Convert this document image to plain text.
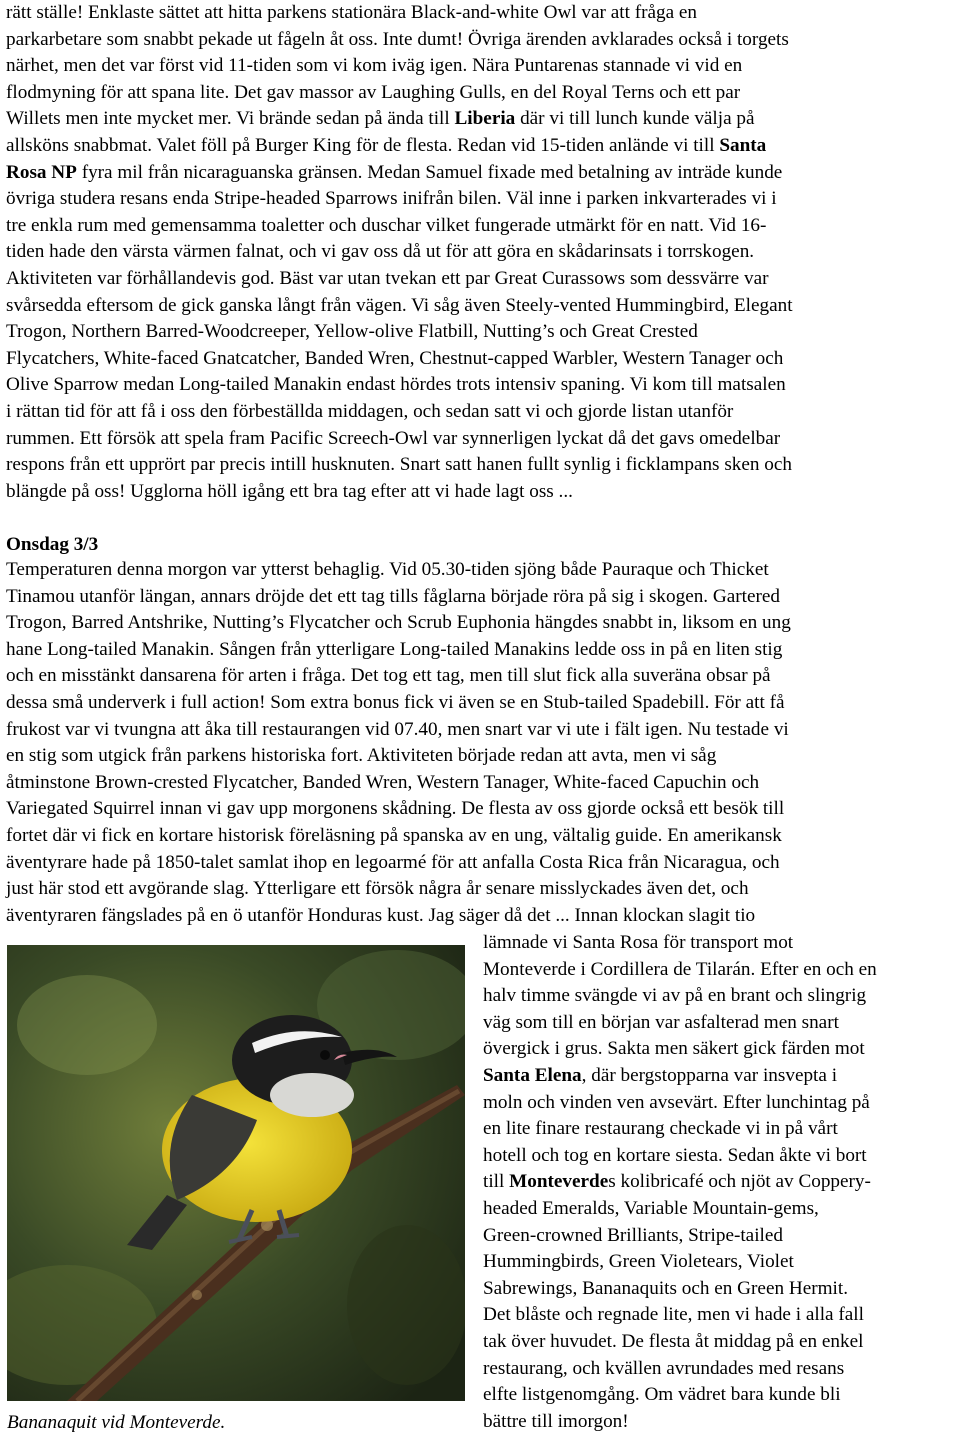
rätt ställe! Enklaste sättet att hitta parkens stationära Black-and-white Owl var att fråga en
parkarbetare som snabbt pekade ut fågeln åt oss. Inte dumt! Övriga ärenden avklarades också i torgets
närhet, men det var först vid 11-tiden som vi kom iväg igen. Nära Puntarenas stannade vi vid en
flodmyning för att spana lite. Det gav massor av Laughing Gulls, en del Royal Terns och ett par
Willets men inte mycket mer. Vi brände sedan på ända till Liberia där vi till lunch kunde välja på
allsköns snabbmat. Valet föll på Burger King för de flesta. Redan vid 15-tiden anlände vi till Santa
Rosa NP fyra mil från nicaraguanska gränsen. Medan Samuel fixade med betalning av inträde kunde
övriga studera resans enda Stripe-headed Sparrows inifrån bilen. Väl inne i parken inkvarterades vi i
tre enkla rum med gemensamma toaletter och duschar vilket fungerade utmärkt för en natt. Vid 16-
tiden hade den värsta värmen falnat, och vi gav oss då ut för att göra en skådarinsats i torrskogen.
Aktiviteten var förhållandevis god. Bäst var utan tvekan ett par Great Curassows som dessvärre var
svårsedda eftersom de gick ganska långt från vägen. Vi såg även Steely-vented Hummingbird, Elegant
Trogon, Northern Barred-Woodcreeper, Yellow-olive Flatbill, Nutting’s och Great Crested
Flycatchers, White-faced Gnatcatcher, Banded Wren, Chestnut-capped Warbler, Western Tanager och
Olive Sparrow medan Long-tailed Manakin endast hördes trots intensiv spaning. Vi kom till matsalen
i rättan tid för att få i oss den förbeställda middagen, och sedan satt vi och gjorde listan utanför
rummen. Ett försök att spela fram Pacific Screech-Owl var synnerligen lyckat då det gavs omedelbar
respons från ett upprört par precis intill husknuten. Snart satt hanen fullt synlig i ficklampans sken och
blängde på oss! Ugglorna höll igång ett bra tag efter att vi hade lagt oss ...
Onsdag 3/3
Temperaturen denna morgon var ytterst behaglig. Vid 05.30-tiden sjöng både Pauraque och Thicket
Tinamou utanför längan, annars dröjde det ett tag tills fåglarna började röra på sig i skogen. Gartered
Trogon, Barred Antshrike, Nutting’s Flycatcher och Scrub Euphonia hängdes snabbt in, liksom en ung
hane Long-tailed Manakin. Sången från ytterligare Long-tailed Manakins ledde oss in på en liten stig
och en misstänkt dansarena för arten i fråga. Det tog ett tag, men till slut fick alla suveräna obsar på
dessa små underverk i full action! Som extra bonus fick vi även se en Stub-tailed Spadebill. För att få
frukost var vi tvungna att åka till restaurangen vid 07.40, men snart var vi ute i fält igen. Nu testade vi
en stig som utgick från parkens historiska fort. Aktiviteten började redan att avta, men vi såg
åtminstone Brown-crested Flycatcher, Banded Wren, Western Tanager, White-faced Capuchin och
Variegated Squirrel innan vi gav upp morgonens skådning. De flesta av oss gjorde också ett besök till
fortet där vi fick en kortare historisk föreläsning på spanska av en ung, vältalig guide. En amerikansk
äventyrare hade på 1850-talet samlat ihop en legoarmé för att anfalla Costa Rica från Nicaragua, och
just här stod ett avgörande slag. Ytterligare ett försök några år senare misslyckades även det, och
äventyraren fängslades på en ö utanför Honduras kust. Jag säger då det ... Innan klockan slagit tio
Bananaquit vid Monteverde.
lämnade vi Santa Rosa för transport mot
Monteverde i Cordillera de Tilarán. Efter en och en
halv timme svängde vi av på en brant och slingrig
väg som till en början var asfalterad men snart
övergick i grus. Sakta men säkert gick färden mot
Santa Elena, där bergstopparna var insvepta i
moln och vinden ven avsevärt. Efter lunchintag på
en lite finare restaurang checkade vi in på vårt
hotell och tog en kortare siesta. Sedan åkte vi bort
till Monteverdes kolibricafé och njöt av Coppery-
headed Emeralds, Variable Mountain-gems,
Green-crowned Brilliants, Stripe-tailed
Hummingbirds, Green Violetears, Violet
Sabrewings, Bananaquits och en Green Hermit.
Det blåste och regnade lite, men vi hade i alla fall
tak över huvudet. De flesta åt middag på en enkel
restaurang, och kvällen avrundades med resans
elfte listgenomgång. Om vädret bara kunde bli
bättre till imorgon!
